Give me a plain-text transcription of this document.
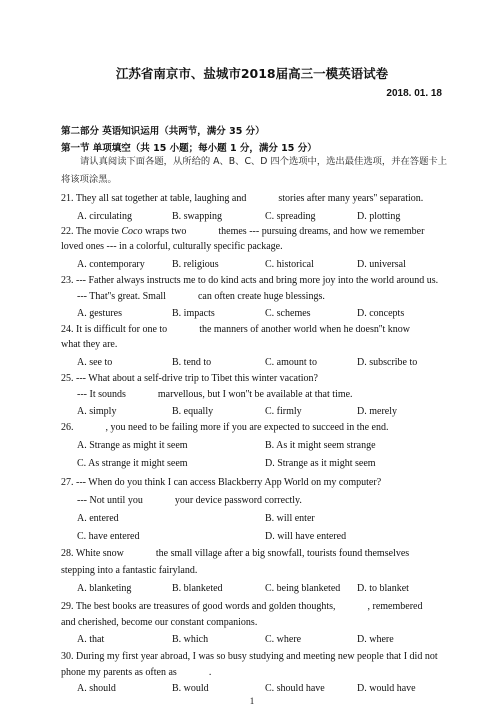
江苏省南京市、盐城市2018届高三一模英语试卷
2018. 01. 18
第二部分 英语知识运用（共两节，满分 35 分）
第一节 单项填空（共 15 小题；每小题 1 分，满分 15 分）
请认真阅读下面各题，从所给的 A、B、C、D 四个选项中，选出最佳选项，并在答题卡上将该项涂黑。
21. They all sat together at table, laughing and	stories after many years'' separation.
A. circulating	B. swapping	C. spreading	D. plotting
22. The movie Coco wraps two	themes --- pursuing dreams, and how we remember
loved ones --- in a colorful, culturally specific package.
A. contemporary	B. religious	C. historical	D. universal
23. --- Father always instructs me to do kind acts and bring more joy into the world around us.
--- That''s great. Small	can often create huge blessings.
A. gestures	B. impacts	C. schemes	D. concepts
24. It is difficult for one to	the manners of another world when he doesn''t know
what they are.
A. see to	B. tend to	C. amount to	D. subscribe to
25. --- What about a self-drive trip to Tibet this winter vacation?
--- It sounds	marvellous, but I won''t be available at that time.
A. simply	B. equally	C. firmly	D. merely
26.	, you need to be failing more if you are expected to succeed in the end.
A. Strange as might it seem	B. As it might seem strange
C. As strange it might seem	D. Strange as it might seem
27. --- When do you think I can access Blackberry App World on my computer?
--- Not until you	your device password correctly.
A. entered	B. will enter
C. have entered	D. will have entered
28. White snow	the small village after a big snowfall, tourists found themselves
stepping into a fantastic fairyland.
A. blanketing	B. blanketed	C. being blanketed D. to blanket
29. The best books are treasures of good words and golden thoughts,	, remembered
and cherished, become our constant companions.
A. that	B. which	C. where	D. where
30. During my first year abroad, I was so busy studying and meeting new people that I did not
phone my parents as often as	.
A. should	B. would	C. should have	D. would have
1
